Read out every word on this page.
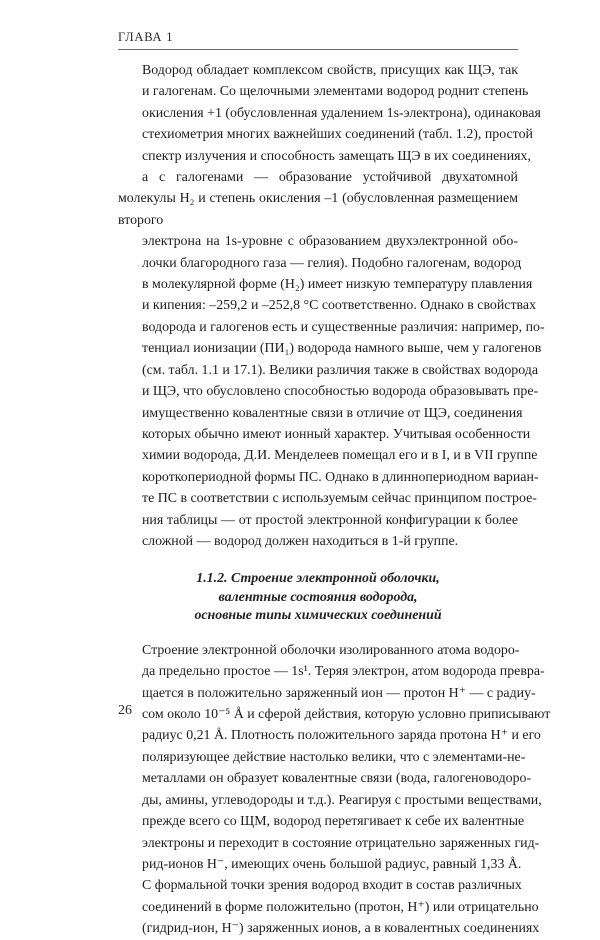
ГЛАВА 1

Водород обладает комплексом свойств, присущих как ЩЭ, так
и галогенам. Со щелочными элементами водород роднит степень
окисления +1 (обусловленная удалением 1s-электрона), одинаковая
стехиометрия многих важнейших соединений (табл. 1.2), простой
спектр излучения и способность замещать ЩЭ в их соединениях,
а с галогенами — образование устойчивой двухатомной молекулы H₂ и степень окисления –1 (обусловленная размещением второго
электрона на 1s-уровне с образованием двухэлектронной обо-
лочки благородного газа — гелия). Подобно галогенам, водород
в молекулярной форме (H₂) имеет низкую температуру плавления
и кипения: –259,2 и –252,8 °С соответственно. Однако в свойствах
водорода и галогенов есть и существенные различия: например, по-
тенциал ионизации (ПИ₁) водорода намного выше, чем у галогенов
(см. табл. 1.1 и 17.1). Велики различия также в свойствах водорода
и ЩЭ, что обусловлено способностью водорода образовывать пре-
имущественно ковалентные связи в отличие от ЩЭ, соединения
которых обычно имеют ионный характер. Учитывая особенности
химии водорода, Д.И. Менделеев помещал его и в I, и в VII группе
короткопериодной формы ПС. Однако в длиннопериодном вариан-
те ПС в соответствии с используемым сейчас принципом построе-
ния таблицы — от простой электронной конфигурации к более
сложной — водород должен находиться в 1-й группе.

1.1.2. Строение электронной оболочки,
валентные состояния водорода,
основные типы химических соединений

Строение электронной оболочки изолированного атома водоро-
да предельно простое — 1s¹. Теряя электрон, атом водорода превра-
щается в положительно заряженный ион — протон H⁺ — с радиу-
сом около 10⁻⁵ Å и сферой действия, которую условно приписывают
радиус 0,21 Å. Плотность положительного заряда протона H⁺ и его
поляризующее действие настолько велики, что с элементами-не-
металлами он образует ковалентные связи (вода, галогеноводоро-
ды, амины, углеводороды и т.д.). Реагируя с простыми веществами,
прежде всего со ЩМ, водород перетягивает к себе их валентные
электроны и переходит в состояние отрицательно заряженных гид-
рид-ионов H⁻, имеющих очень большой радиус, равный 1,33 Å.

С формальной точки зрения водород входит в состав различных
соединений в форме положительно (протон, H⁺) или отрицательно
(гидрид-ион, H⁻) заряженных ионов, а в ковалентных соединениях

26
